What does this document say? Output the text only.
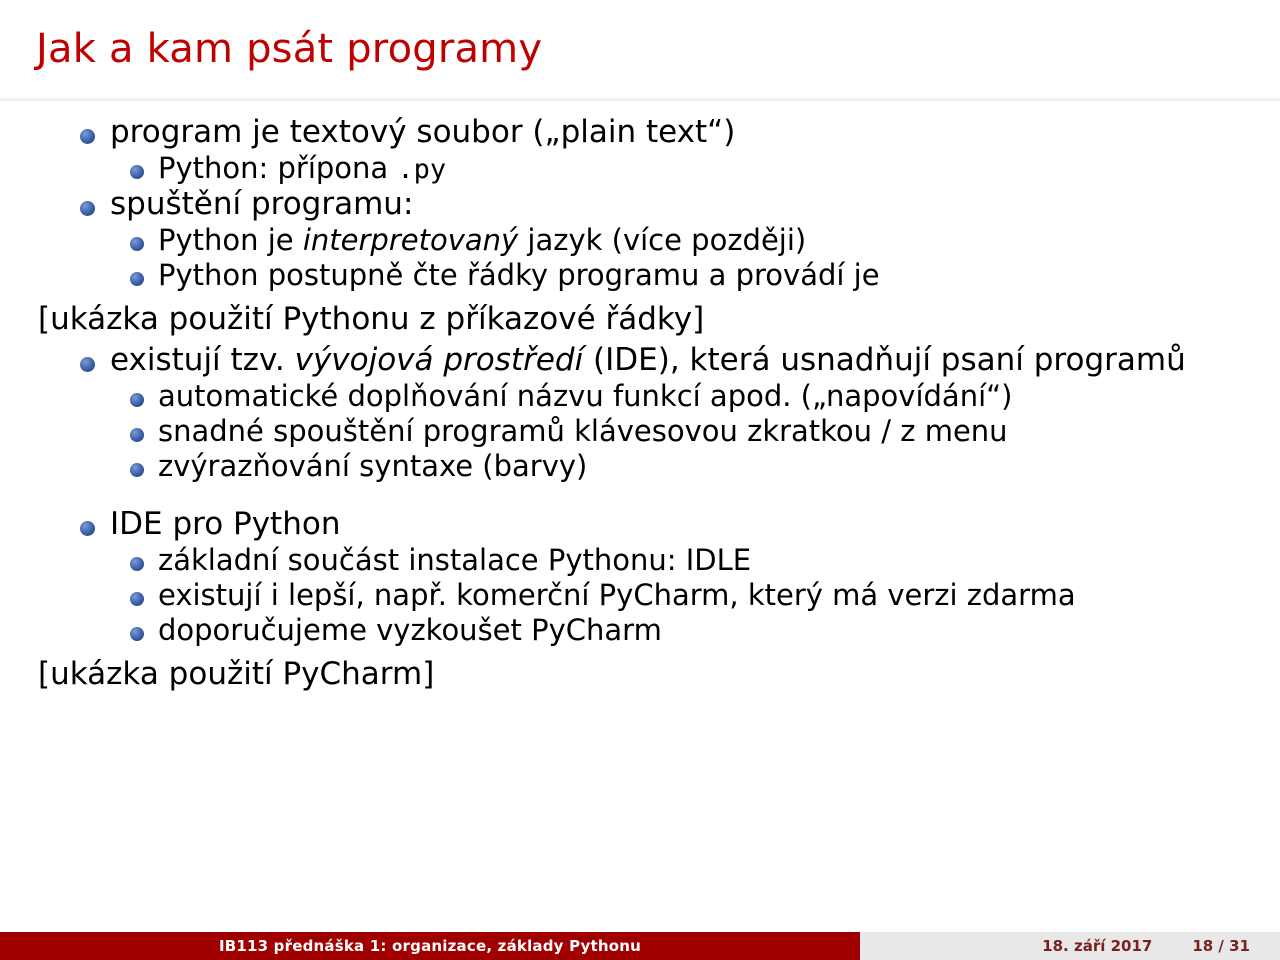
Jak a kam psát programy
program je textový soubor („plain text“)
Python: přípona .py
spuštění programu:
Python je interpretovaný jazyk (více později)
Python postupně čte řádky programu a provádí je
[ukázka použití Pythonu z příkazové řádky]
existují tzv. vývojová prostředí (IDE), která usnadňují psaní programů
automatické doplňování názvu funkcí apod. („napovídání“)
snadné spouštění programů klávesovou zkratkou / z menu
zvýrazňování syntaxe (barvy)
IDE pro Python
základní součást instalace Pythonu: IDLE
existují i lepší, např. komerční PyCharm, který má verzi zdarma
doporučujeme vyzkoušet PyCharm
[ukázka použití PyCharm]
IB113 přednáška 1: organizace, základy Pythonu	18. září 2017	18 / 31
